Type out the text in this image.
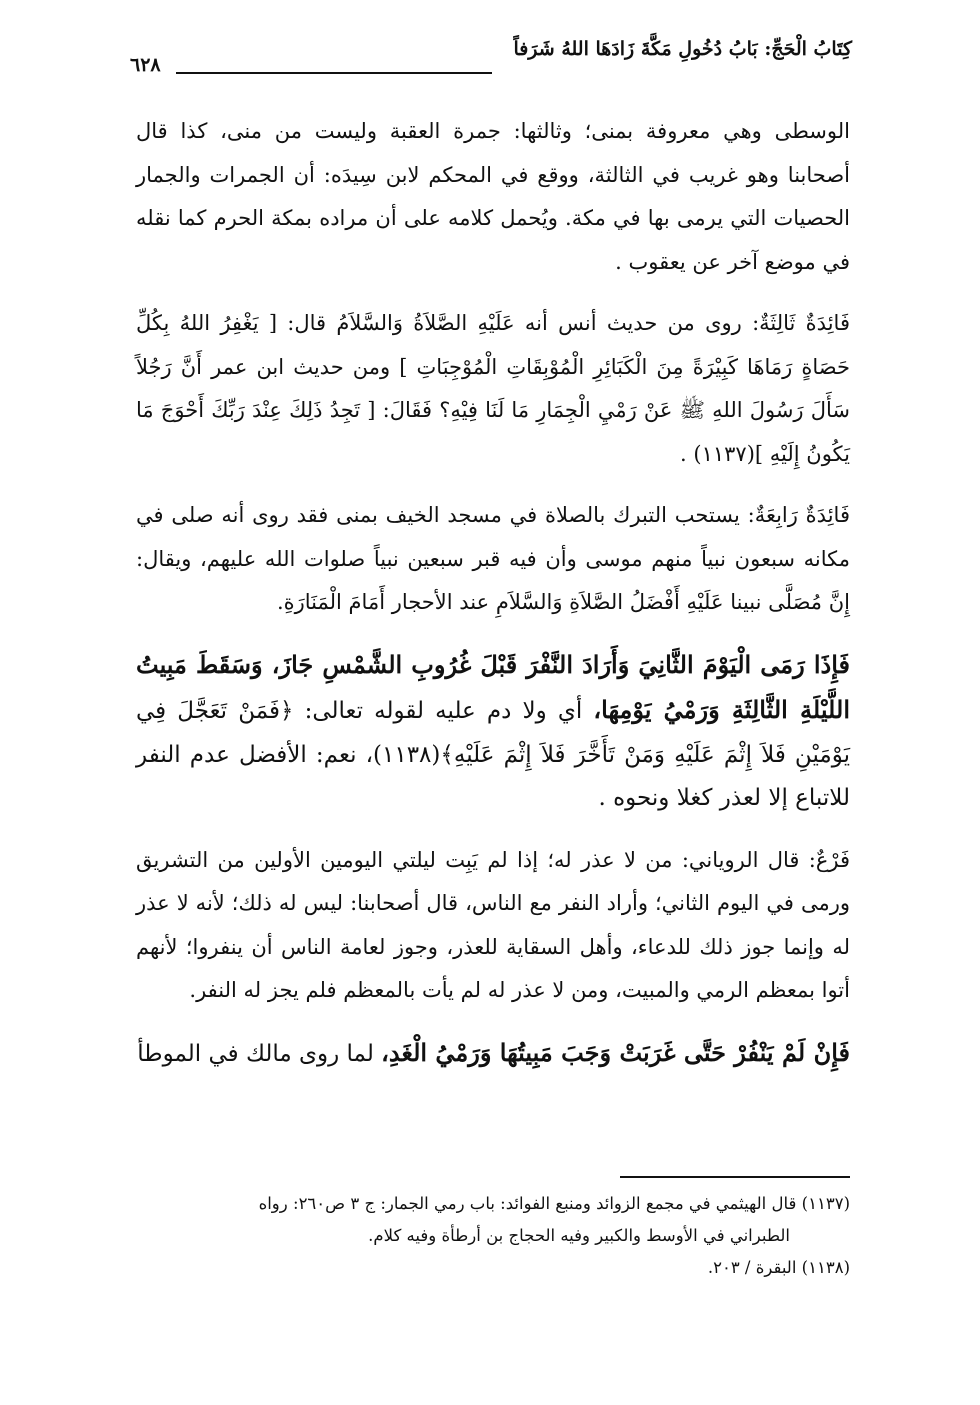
كِتَابُ الْحَجِّ: بَابُ دُخُولِ مَكَّةَ زَادَهَا اللهُ شَرَفاً
٦٢٨

الوسطى وهي معروفة بمنى؛ وثالثها: جمرة العقبة وليست من منى، كذا قال أصحابنا وهو غريب في الثالثة، ووقع في المحكم لابن سِيدَه: أن الجمرات والجمار الحصيات التي يرمى بها في مكة. ويُحمل كلامه على أن مراده بمكة الحرم كما نقله في موضع آخر عن يعقوب .

فَائِدَةٌ ثَالِثَةٌ: روى من حديث أنس أنه عَلَيْهِ الصَّلاَةُ وَالسَّلاَمُ قال: [ يَغْفِرُ اللهُ بِكُلِّ حَصَاةٍ رَمَاهَا كَبِيْرَةً مِنَ الْكَبَائِرِ الْمُوْبِقَاتِ الْمُوْجِبَاتِ ] ومن حديث ابن عمر أَنَّ رَجُلاً سَأَلَ رَسُولَ اللهِ ﷺ عَنْ رَمْيِ الْجِمَارِ مَا لَنَا فِيْهِ؟ فَقَالَ: [ تَجِدُ ذَلِكَ عِنْدَ رَبِّكَ أَحْوَجَ مَا يَكُونُ إِلَيْهِ ](١١٣٧) .

فَائِدَةٌ رَابِعَةٌ: يستحب التبرك بالصلاة في مسجد الخيف بمنى فقد روى أنه صلى في مكانه سبعون نبياً منهم موسى وأن فيه قبر سبعين نبياً صلوات الله عليهم، ويقال: إِنَّ مُصَلَّى نبينا عَلَيْهِ أَفْضَلُ الصَّلاَةِ وَالسَّلاَمِ عند الأحجار أَمَامَ الْمَنَارَةِ.

فَإِذَا رَمَى الْيَوْمَ الثَّانِيَ وَأَرَادَ النَّفْرَ قَبْلَ غُرُوبِ الشَّمْسِ جَازَ، وَسَقَطَ مَبِيتُ اللَّيْلَةِ الثَّالِثَةِ وَرَمْيُ يَوْمِهَا، أي ولا دم عليه لقوله تعالى: ﴿فَمَنْ تَعَجَّلَ فِي يَوْمَيْنِ فَلاَ إِثْمَ عَلَيْهِ وَمَنْ تَأَخَّرَ فَلاَ إِثْمَ عَلَيْهِ﴾(١١٣٨)، نعم: الأفضل عدم النفر للاتباع إلا لعذر كغلا ونحوه .

فَرْعٌ: قال الروياني: من لا عذر له؛ إذا لم يَبِت ليلتي اليومين الأولين من التشريق ورمى في اليوم الثاني؛ وأراد النفر مع الناس، قال أصحابنا: ليس له ذلك؛ لأنه لا عذر له وإنما جوز ذلك للدعاء، وأهل السقاية للعذر، وجوز لعامة الناس أن ينفروا؛ لأنهم أتوا بمعظم الرمي والمبيت، ومن لا عذر له لم يأت بالمعظم فلم يجز له النفر.

فَإِنْ لَمْ يَنْفُرْ حَتَّى غَرَبَتْ وَجَبَ مَبِيتُهَا وَرَمْيُ الْغَدِ، لما روى مالك في الموطأ

(١١٣٧) قال الهيثمي في مجمع الزوائد ومنبع الفوائد: باب رمي الجمار: ج ٣ ص٢٦٠: رواه

الطبراني في الأوسط والكبير وفيه الحجاج بن أرطأة وفيه كلام.

(١١٣٨) البقرة / ٢٠٣.
